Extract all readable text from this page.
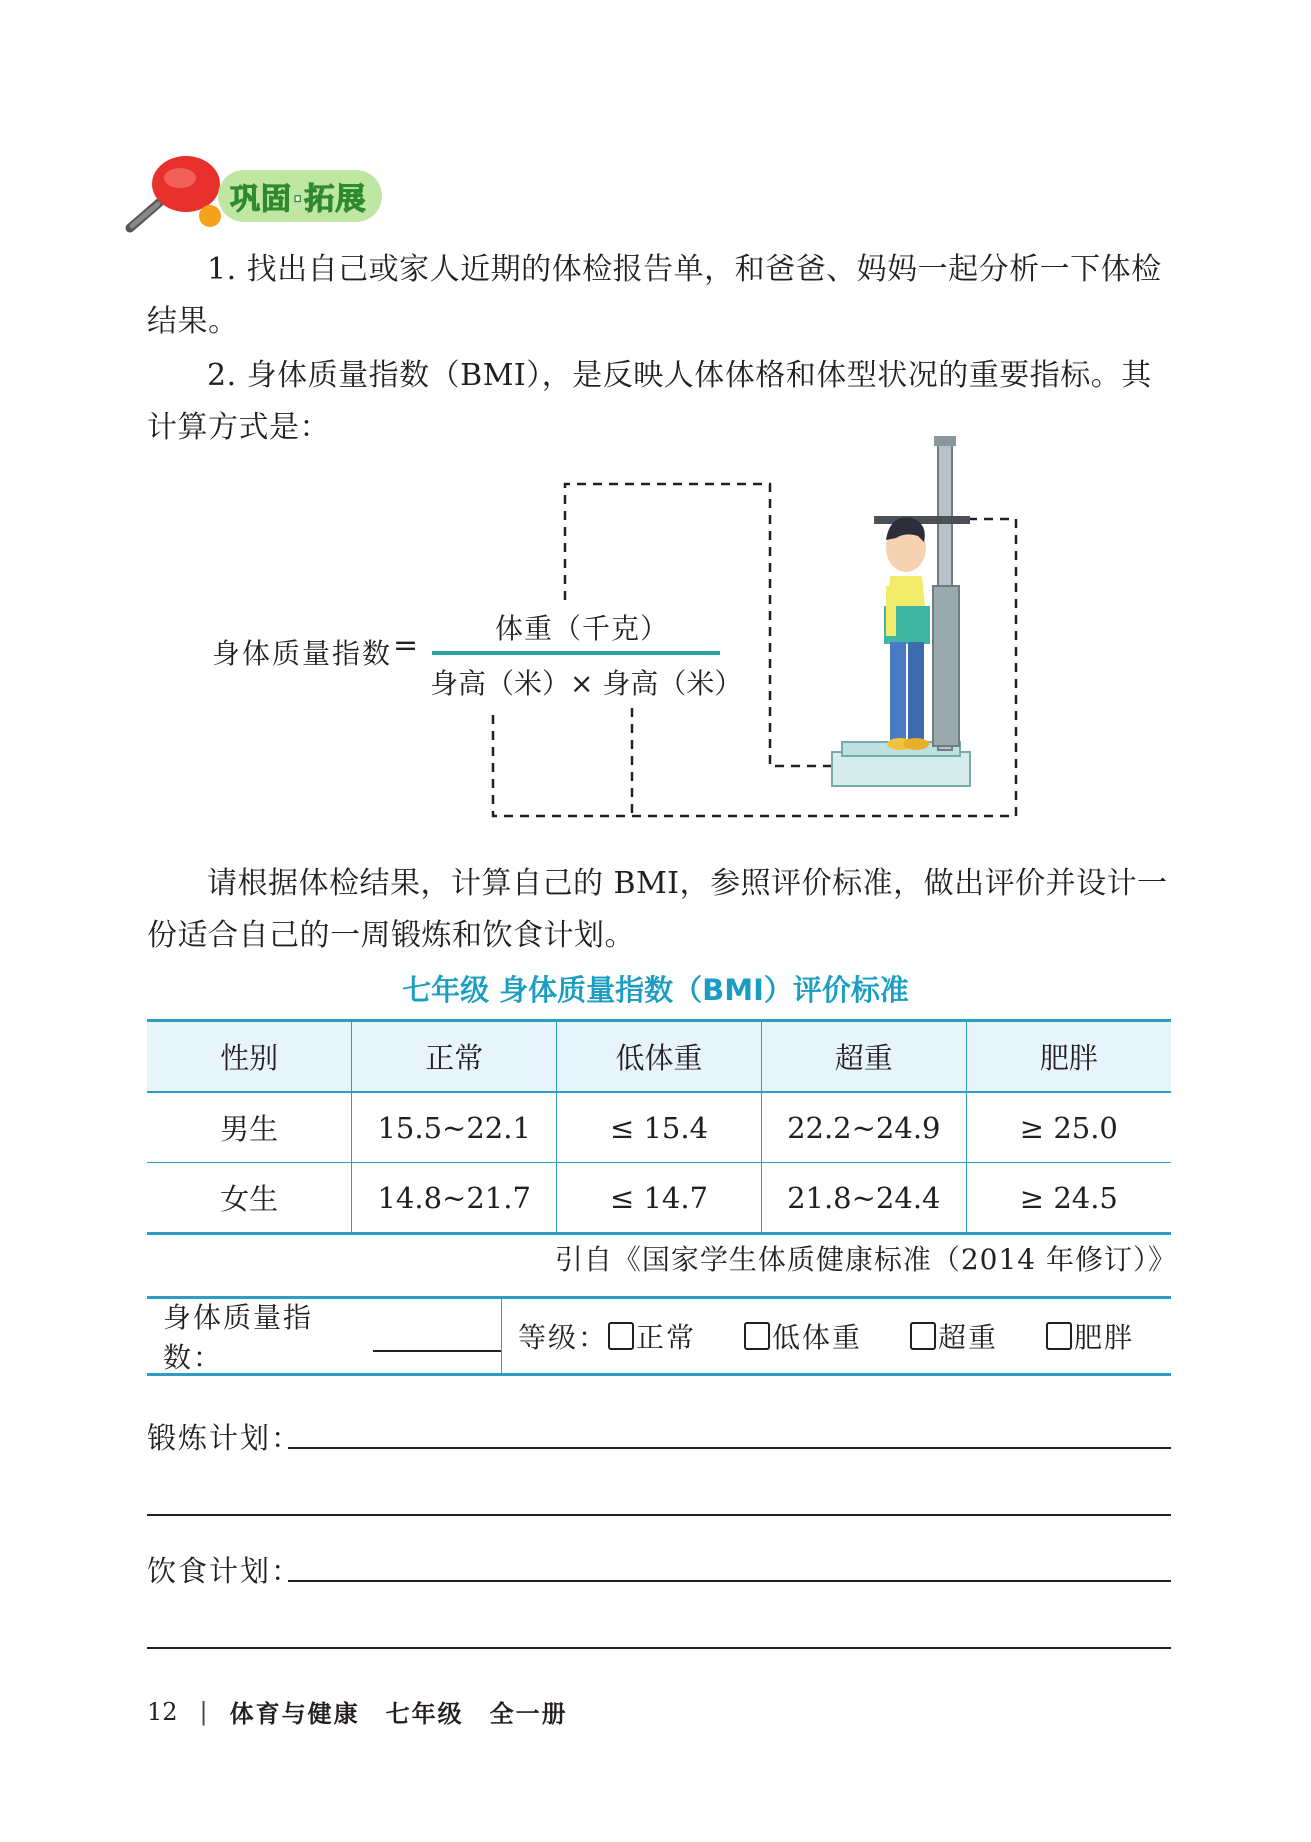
巩固·拓展

1. 找出自己或家人近期的体检报告单，和爸爸、妈妈一起分析一下体检结果。

2. 身体质量指数（BMI），是反映人体体格和体型状况的重要指标。其计算方式是：

身体质量指数 =	体重（千克）
身高（米）× 身高（米）

请根据体检结果，计算自己的 BMI，参照评价标准，做出评价并设计一份适合自己的一周锻炼和饮食计划。

七年级 身体质量指数（BMI）评价标准
性别	正常	低体重	超重	肥胖
男生	15.5~22.1	≤ 15.4	22.2~24.9	≥ 25.0
女生	14.8~21.7	≤ 14.7	21.8~24.4	≥ 24.5
引自《国家学生体质健康标准（2014 年修订）》
身体质量指数：
等级： 正常	低体重	超重	肥胖
锻炼计划：
饮食计划：
12 | 体育与健康　七年级　全一册
